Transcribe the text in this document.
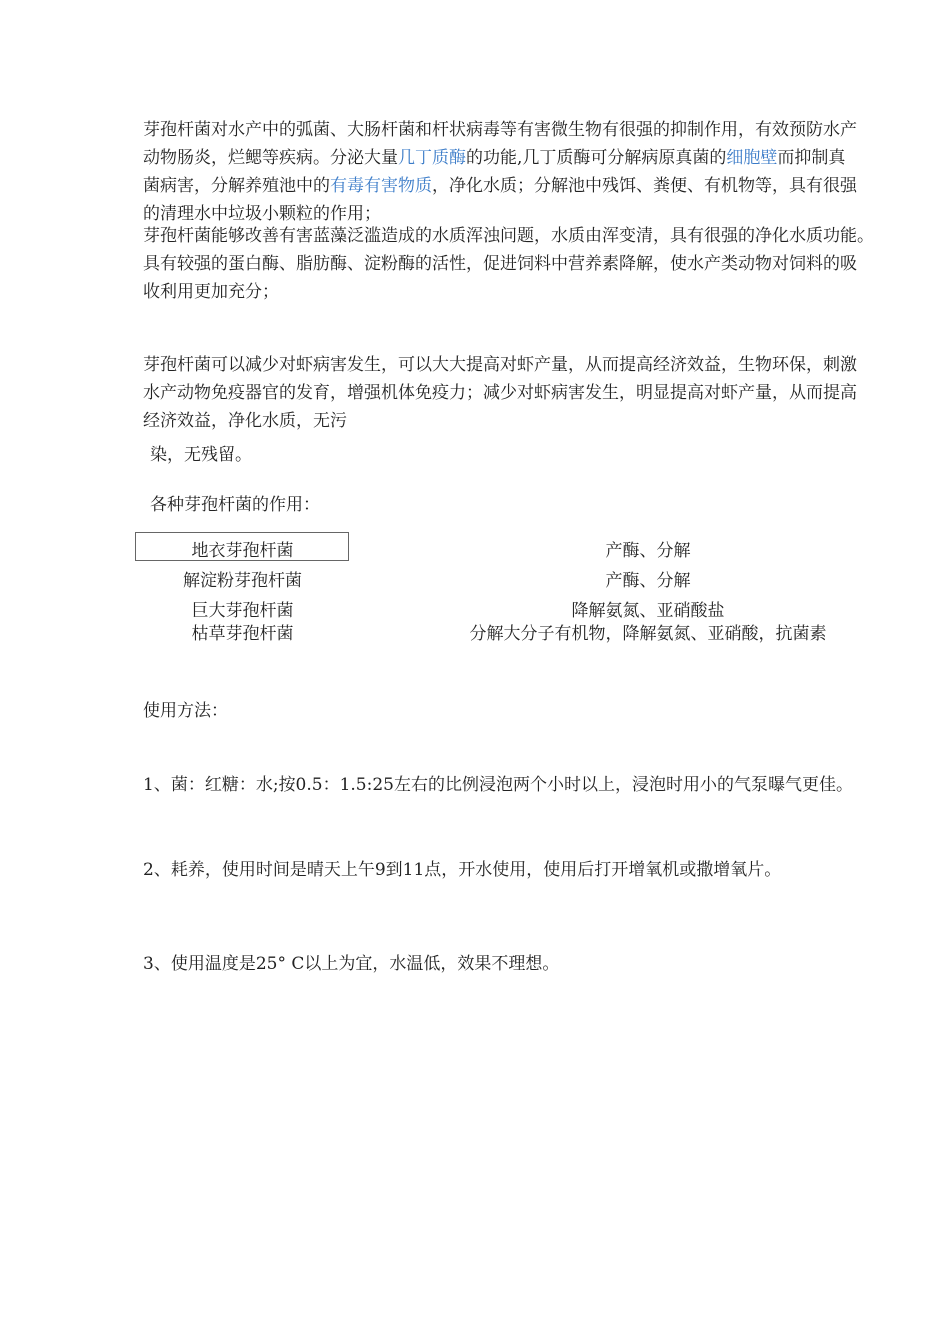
芽孢杆菌对水产中的弧菌、大肠杆菌和杆状病毒等有害微生物有很强的抑制作用，有效预防水产
动物肠炎，烂鳃等疾病。分泌大量几丁质酶的功能,几丁质酶可分解病原真菌的细胞壁而抑制真
菌病害，分解养殖池中的有毒有害物质，净化水质；分解池中残饵、粪便、有机物等，具有很强
的清理水中垃圾小颗粒的作用；
芽孢杆菌能够改善有害蓝藻泛滥造成的水质浑浊问题，水质由浑变清，具有很强的净化水质功能。
具有较强的蛋白酶、脂肪酶、淀粉酶的活性，促进饲料中营养素降解，使水产类动物对饲料的吸
收利用更加充分；
芽孢杆菌可以减少对虾病害发生，可以大大提高对虾产量，从而提高经济效益，生物环保，刺激
水产动物免疫器官的发育，增强机体免疫力；减少对虾病害发生，明显提高对虾产量，从而提高
经济效益，净化水质，无污
染，无残留。
各种芽孢杆菌的作用：
地衣芽孢杆菌	产酶、分解
解淀粉芽孢杆菌	产酶、分解
巨大芽孢杆菌	降解氨氮、亚硝酸盐
枯草芽孢杆菌	分解大分子有机物，降解氨氮、亚硝酸，抗菌素
使用方法：
1、菌：红糖：水;按0.5：1.5:25左右的比例浸泡两个小时以上，浸泡时用小的气泵曝气更佳。
2、耗养，使用时间是晴天上午9到11点，开水使用，使用后打开增氧机或撒增氧片。
3、使用温度是25° C以上为宜，水温低，效果不理想。
